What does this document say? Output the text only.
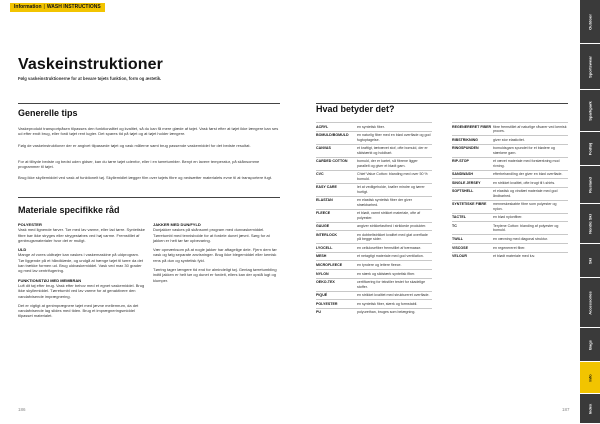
Information | WASH INSTRUCTIONS
Vaskeinstruktioner
Følg vaskeinstruktionerne for at bevare tøjets funktion, form og æstetik.
Generelle tips

Vaskeprodukt transportpåsen tilpasses den funktionalitet og kvalitet, så du kan få mere glæde af tøjet. Vask først efter at tøjet ikke længere kan ses ud efter endt brug, eller fordi tøjet rent lugter. Det spares tid på tøjet og at tøjet holder længere.

Følg de vaskeinstruktioner der er angivet tilpassede tøjet og vask målerne samt brug passende vaskemiddel for det bedste resultat.

For at tilbyde bedste og bedst uden gidser, kan du tørre tøjet udenfor, eller i en tørretumbler. Benyt en lavere temperatur, på skånsomme programmer til tøjet.

Brug ikke skyllemiddel ved vask af funktionelt tøj. Skyllemidlet lægger film over tøjets fibre og nedsætter materialets evne til at transportere fugt.

Materiale specifikke råd
POLYESTER

Vask med lignende farver. Tør med lav varme, eller lad tørre. Syntetiske fibre bør ikke stryges eller strygestøbes ved høj varme. Fremstillet af genbrugsmaterialer hvor det er muligt.

ULD

Mange af vores uldtrøjer kan vaskes i vaskemaskine på uldprogram. Tør liggende på et håndklæde, og undgå at hænge tøjet til tørre da det kan trække formen ud. Brug uldvaskemiddel. Vask ved max 30 grader og med lav centrifugering.

FUNKTIONSTØJ MED MEMBRAN

Luft dit tøj efter brug. Vask efter behov med et egnet vaskemiddel. Brug ikke skyllemiddel. Tørretumbl ved lav varme for at genaktivere den vandafvisende imprægnering.

Det er vigtigt at genimprægnere tøjet med jævne mellemrum, da det vandafvisende lag slides med tiden. Brug et imprægneringsmiddel tilpasset materialet.

JAKKER MED DUN/FYLD

Dunjakker vaskes på skånsomt program med dunvaskemiddel. Tørretumbl med tennisbolde for at fordele dunet jævnt. Sørg for at jakken er helt tør før opbevaring.

Vær opmærksom på at nogle jakker har aftagelige dele. Fjern dem før vask og følg separate anvisninger. Brug ikke blegemiddel eller kemisk rens på dun og syntetisk fyld.

Tørring tager længere tid end for almindeligt tøj. Gentag tørretumbling indtil jakken er helt tør og dunet er fordelt, ellers kan der opstå lugt og klumper.

186
Hvad betyder det?
ACRYL	en syntetisk fiber.
BOMULD/BOMULD	en naturlig fiber med en blød overflade og god fugtoptagelse.
CANVAS	et kraftigt, tætvævet stof, ofte bomuld, der er slidstærkt og holdbart.
CARDED COTTON	bomuld, der er kartet, så fibrene ligger parallelt og giver et blødt garn.
CVC	Chief Value Cotton: blanding med over 50 % bomuld.
EASY CARE	let at vedligeholde, krøller mindre og tørrer hurtigt.
ELASTAN	en elastisk syntetisk fiber der giver strækbarhed.
FLEECE	et blødt, varmt strikket materiale, ofte af polyester.
GAUGE	angiver strikkefasthed i strikkede produkter.
INTERLOCK	en dobbeltstrikket kvalitet med glat overflade på begge sider.
LYOCELL	en cellulosefiber fremstillet af træmasse.
MESH	et netagtigt materiale med god ventilation.
MICROFLEECE	en tyndere og lettere fleece.
NYLON	en stærk og slidstærk syntetisk fiber.
OEKO-TEX	certificering for tekstiler testet for skadelige stoffer.
PIQUÉ	en strikket kvalitet med struktureret overflade.
POLYESTER	en syntetisk fiber, stærk og formstabil.
PU	polyurethan, bruges som belægning.
REGENERERET FIBER fibre fremstillet af naturlige råvarer ved kemisk proces.
RIBSTRIKNING	giver stor elasticitet.
RINGSPUNDEN	bomuldsgarn spundet for et blødere og stærkere garn.
RIP-STOP	et vævet materiale med forstærkning mod rivning.
SANDWASH	efterbehandling der giver en blød overflade.
SINGLE JERSEY	en strikket kvalitet, ofte brugt til t-shirts.
SOFTSHELL	et elastisk og vindtæt materiale med god åndbarhed.
SYNTETISKE FIBRE	menneskeskabte fibre som polyester og nylon.
TACTEL	en blød nylonfiber.
TC	Terylene Cotton: blanding af polyester og bomuld.
TWILL	en vævning med diagonal struktur.
VISCOSE	en regenereret fiber.
VELOUR	et blødt materiale med luv.
187
Outdoor
Sportswear
Sparkpark
Fodtøj
Rusland
Nordic Ski
Ski
Accessories
Bags
Info
Index
